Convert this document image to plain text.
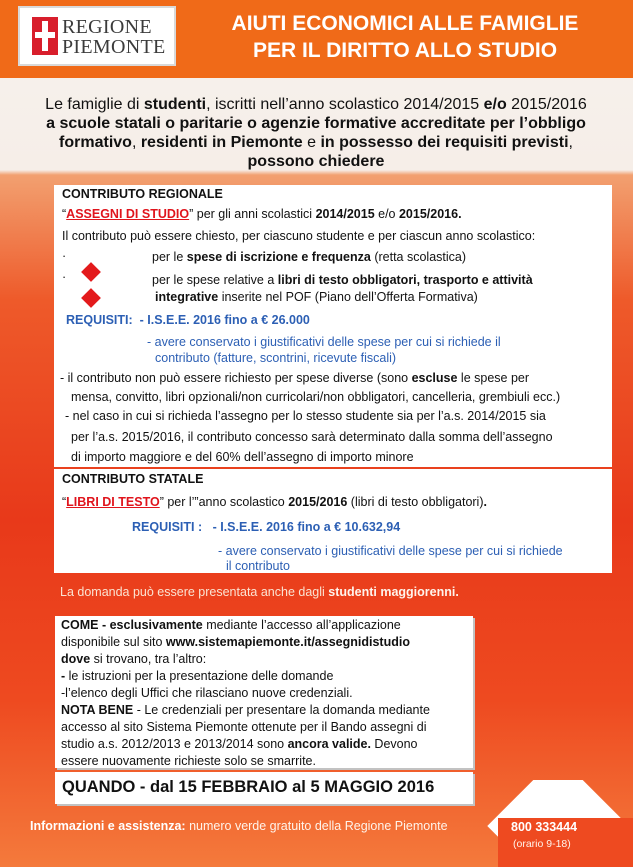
REGIONE
PIEMONTE
AIUTI ECONOMICI ALLE FAMIGLIE
PER IL DIRITTO ALLO STUDIO
Le famiglie di studenti, iscritti nell’anno scolastico 2014/2015 e/o 2015/2016
a scuole statali o paritarie o agenzie formative accreditate per l’obbligo
formativo, residenti in Piemonte e in possesso dei requisiti previsti,
possono chiedere
CONTRIBUTO REGIONALE
“ASSEGNI DI STUDIO” per gli anni scolastici 2014/2015 e/o 2015/2016.
Il contributo può essere chiesto, per ciascuno studente e per ciascun anno scolastico:
·	per le spese di iscrizione e frequenza (retta scolastica)
·	per le spese relative a libri di testo obbligatori, trasporto e attività
integrative inserite nel POF (Piano dell’Offerta Formativa)
REQUISITI: - I.S.E.E. 2016 fino a € 26.000
- avere conservato i giustificativi delle spese per cui si richiede il
contributo (fatture, scontrini, ricevute fiscali)
- il contributo non può essere richiesto per spese diverse (sono escluse le spese per
mensa, convitto, libri opzionali/non curricolari/non obbligatori, cancelleria, grembiuli ecc.)
- nel caso in cui si richieda l’assegno per lo stesso studente sia per l’a.s. 2014/2015 sia
per l’a.s. 2015/2016, il contributo concesso sarà determinato dalla somma dell’assegno
di importo maggiore e del 60% dell’assegno di importo minore
CONTRIBUTO STATALE
“LIBRI DI TESTO” per l’”anno scolastico 2015/2016 (libri di testo obbligatori).
REQUISITI : - I.S.E.E. 2016 fino a € 10.632,94
- avere conservato i giustificativi delle spese per cui si richiede
il contributo
La domanda può essere presentata anche dagli studenti maggiorenni.
COME - esclusivamente mediante l’accesso all’applicazione
disponibile sul sito www.sistemapiemonte.it/assegnidistudio
dove si trovano, tra l’altro:
- le istruzioni per la presentazione delle domande
-l’elenco degli Uffici che rilasciano nuove credenziali.
NOTA BENE - Le credenziali per presentare la domanda mediante
accesso al sito Sistema Piemonte ottenute per il Bando assegni di
studio a.s. 2012/2013 e 2013/2014 sono ancora valide. Devono
essere nuovamente richieste solo se smarrite.
QUANDO - dal 15 FEBBRAIO al 5 MAGGIO 2016
Informazioni e assistenza: numero verde gratuito della Regione Piemonte	800 333444
(orario 9-18)
